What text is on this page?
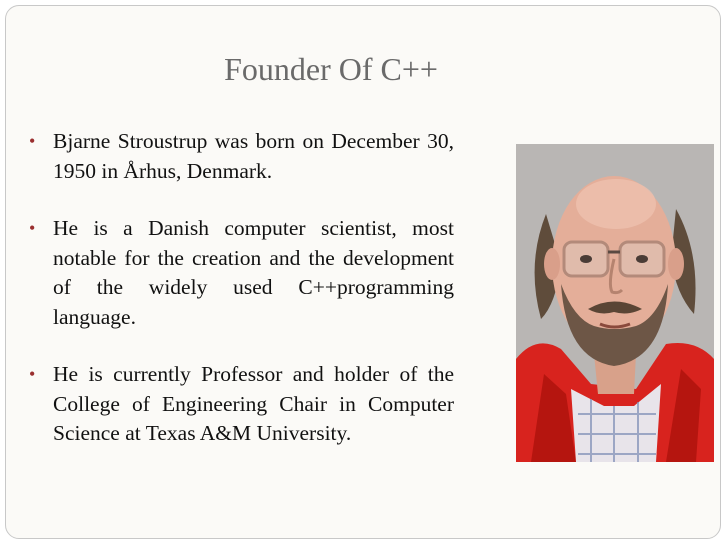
Founder Of C++
• Bjarne Stroustrup was born on December 30, 1950 in Århus, Denmark.
• He is a Danish computer scientist, most notable for the creation and the development of the widely used C++programming language.
• He is currently Professor and holder of the College of Engineering Chair in Computer Science at Texas A&M University.
